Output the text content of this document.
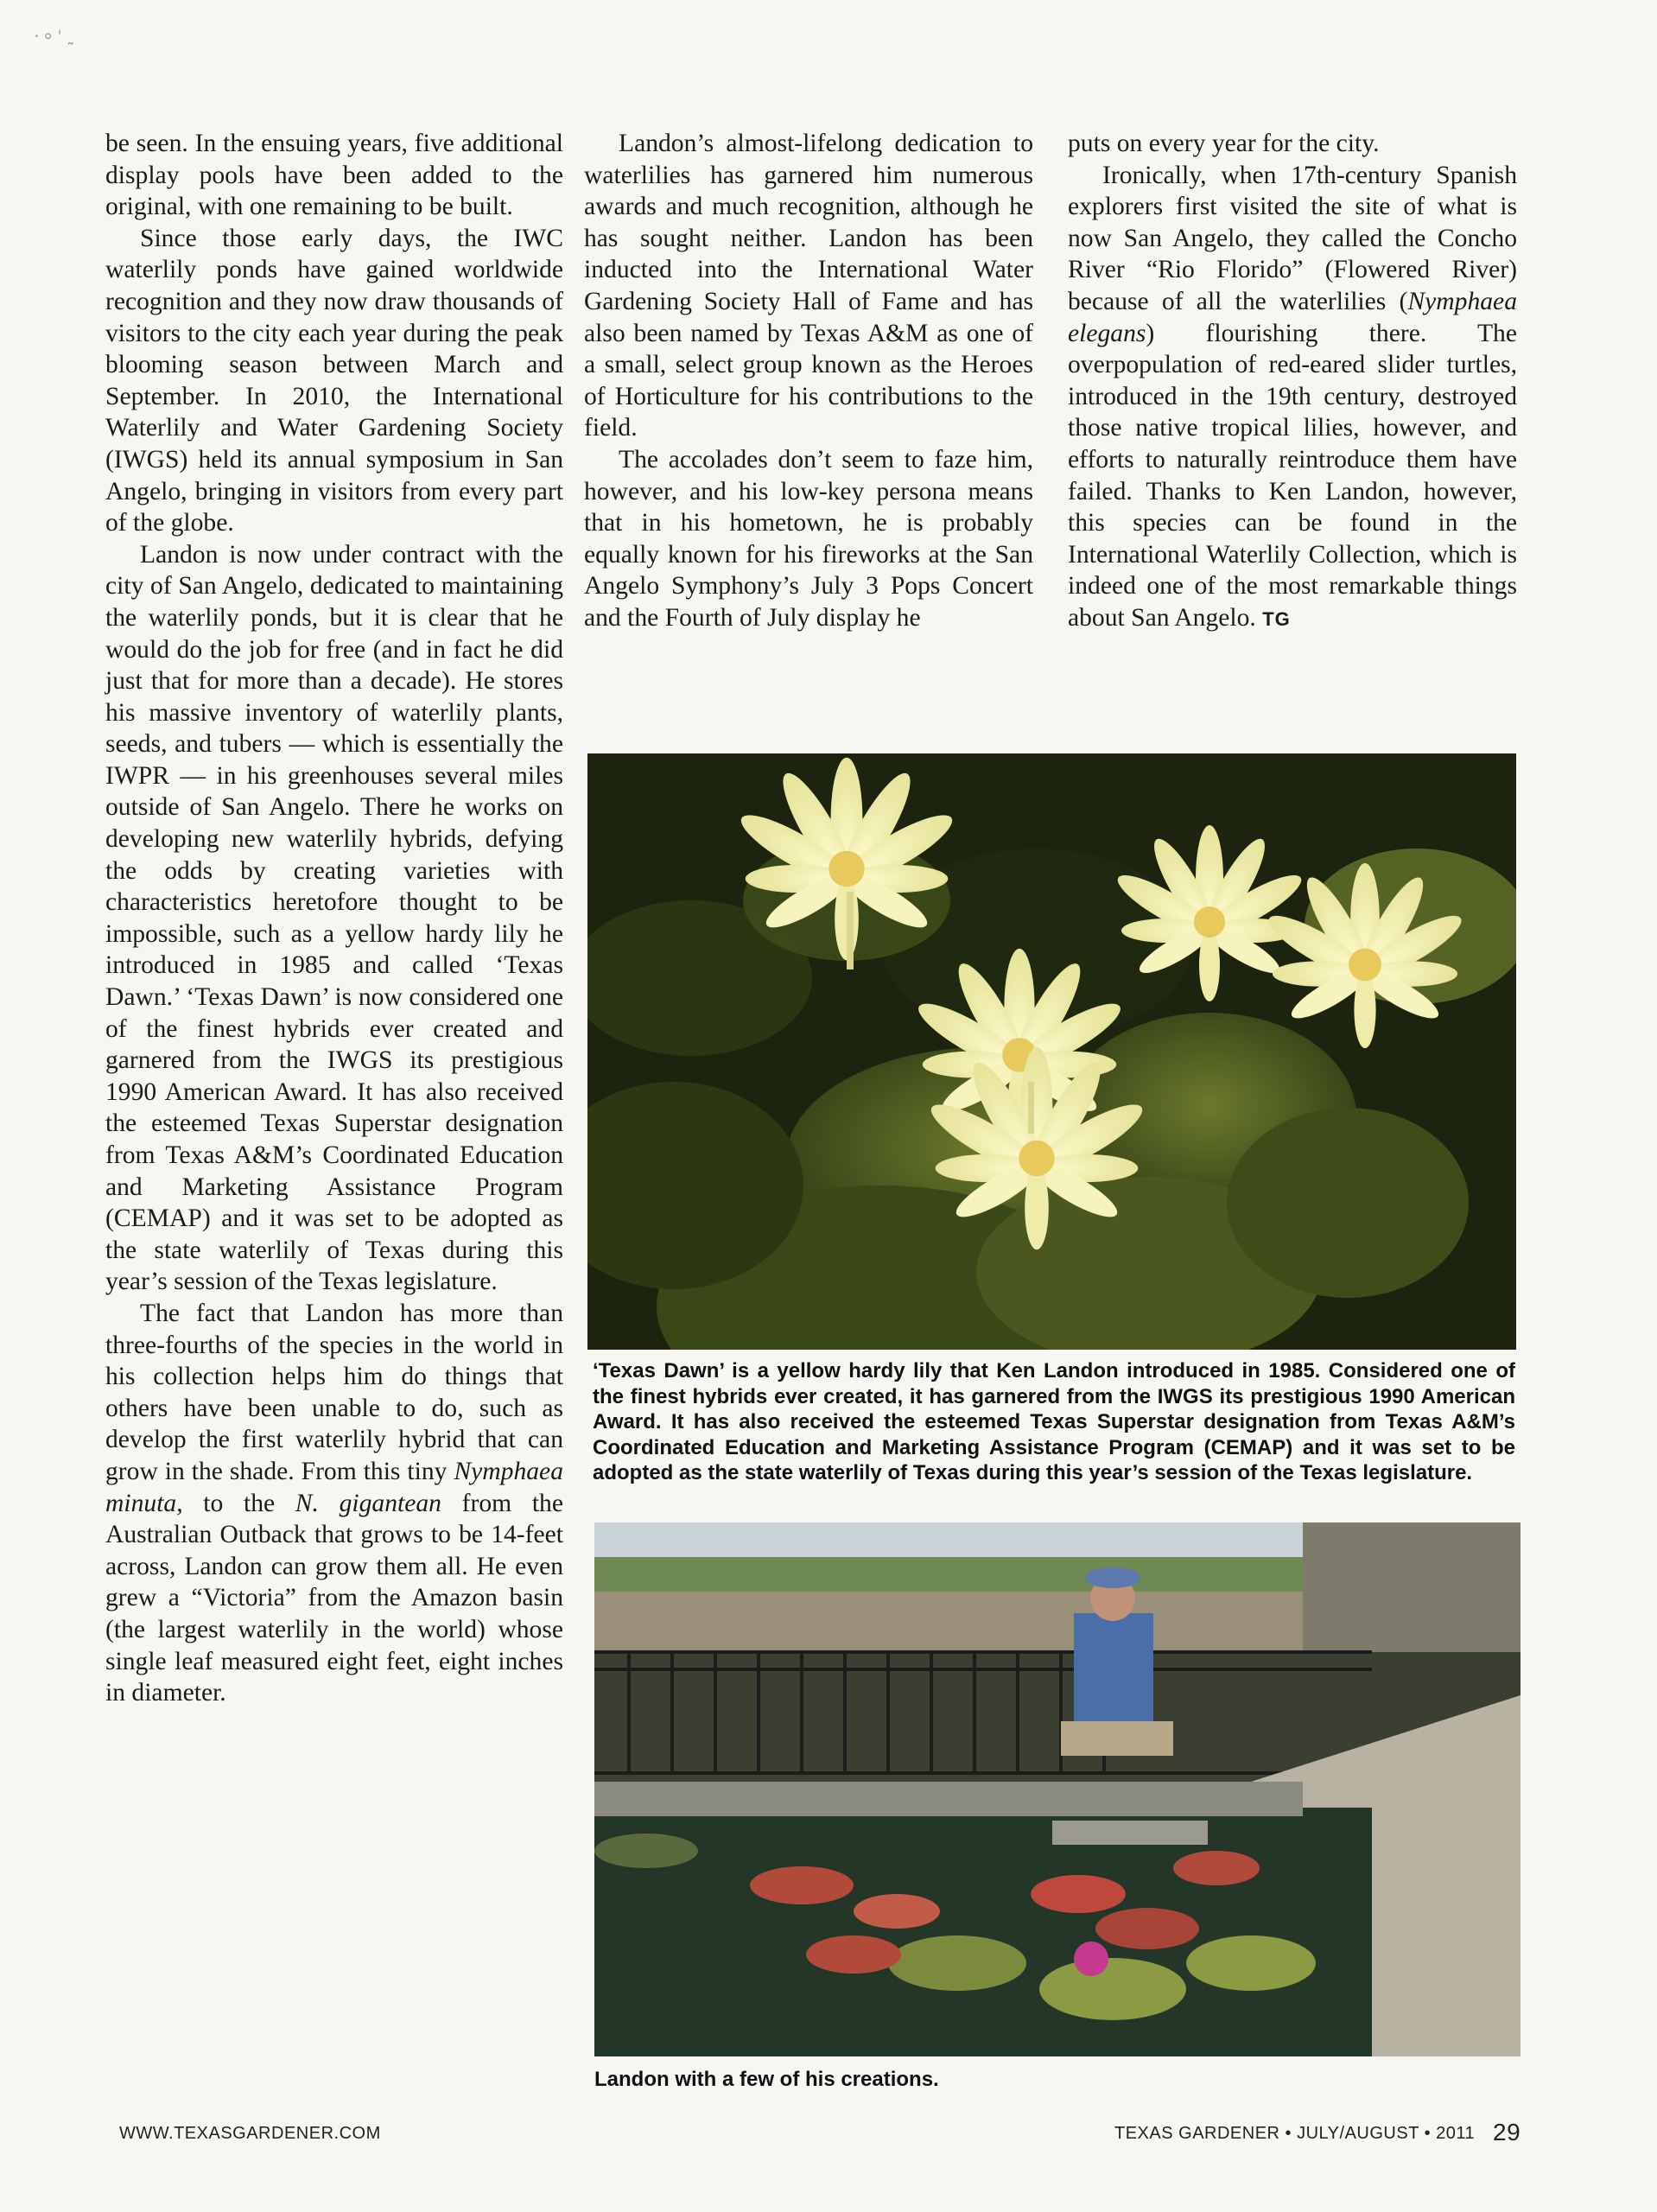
⸱ ⸰ ˈ ˷

be seen. In the ensuing years, five additional display pools have been added to the original, with one remaining to be built.

Since those early days, the IWC waterlily ponds have gained worldwide recognition and they now draw thousands of visitors to the city each year during the peak blooming season between March and September. In 2010, the International Waterlily and Water Gardening Society (IWGS) held its annual symposium in San Angelo, bringing in visitors from every part of the globe.

Landon is now under contract with the city of San Angelo, dedicated to maintaining the waterlily ponds, but it is clear that he would do the job for free (and in fact he did just that for more than a decade). He stores his massive inventory of waterlily plants, seeds, and tubers — which is essentially the IWPR — in his greenhouses several miles outside of San Angelo. There he works on developing new waterlily hybrids, defying the odds by creating varieties with characteristics heretofore thought to be impossible, such as a yellow hardy lily he introduced in 1985 and called ‘Texas Dawn.’ ‘Texas Dawn’ is now considered one of the finest hybrids ever created and garnered from the IWGS its prestigious 1990 American Award. It has also received the esteemed Texas Superstar designation from Texas A&M’s Coordinated Education and Marketing Assistance Program (CEMAP) and it was set to be adopted as the state waterlily of Texas during this year’s session of the Texas legislature.

The fact that Landon has more than three-fourths of the species in the world in his collection helps him do things that others have been unable to do, such as develop the first waterlily hybrid that can grow in the shade. From this tiny Nymphaea minuta, to the N. gigantean from the Australian Outback that grows to be 14-feet across, Landon can grow them all. He even grew a “Victoria” from the Amazon basin (the largest waterlily in the world) whose single leaf measured eight feet, eight inches in diameter.

Landon’s almost-lifelong dedication to waterlilies has garnered him numerous awards and much recognition, although he has sought neither. Landon has been inducted into the International Water Gardening Society Hall of Fame and has also been named by Texas A&M as one of a small, select group known as the Heroes of Horticulture for his contributions to the field.

The accolades don’t seem to faze him, however, and his low-key persona means that in his hometown, he is probably equally known for his fireworks at the San Angelo Symphony’s July 3 Pops Concert and the Fourth of July display he

puts on every year for the city.

Ironically, when 17th-century Spanish explorers first visited the site of what is now San Angelo, they called the Concho River “Rio Florido” (Flowered River) because of all the waterlilies (Nymphaea elegans) flourishing there. The overpopulation of red-eared slider turtles, introduced in the 19th century, destroyed those native tropical lilies, however, and efforts to naturally reintroduce them have failed. Thanks to Ken Landon, however, this species can be found in the International Waterlily Collection, which is indeed one of the most remarkable things about San Angelo. TG

‘Texas Dawn’ is a yellow hardy lily that Ken Landon introduced in 1985. Considered one of the finest hybrids ever created, it has garnered from the IWGS its prestigious 1990 American Award. It has also received the esteemed Texas Superstar designation from Texas A&M’s Coordinated Education and Marketing Assistance Program (CEMAP) and it was set to be adopted as the state waterlily of Texas during this year’s session of the Texas legislature.
Landon with a few of his creations.
WWW.TEXASGARDENER.COM	TEXAS GARDENER • JULY/AUGUST • 2011 29
